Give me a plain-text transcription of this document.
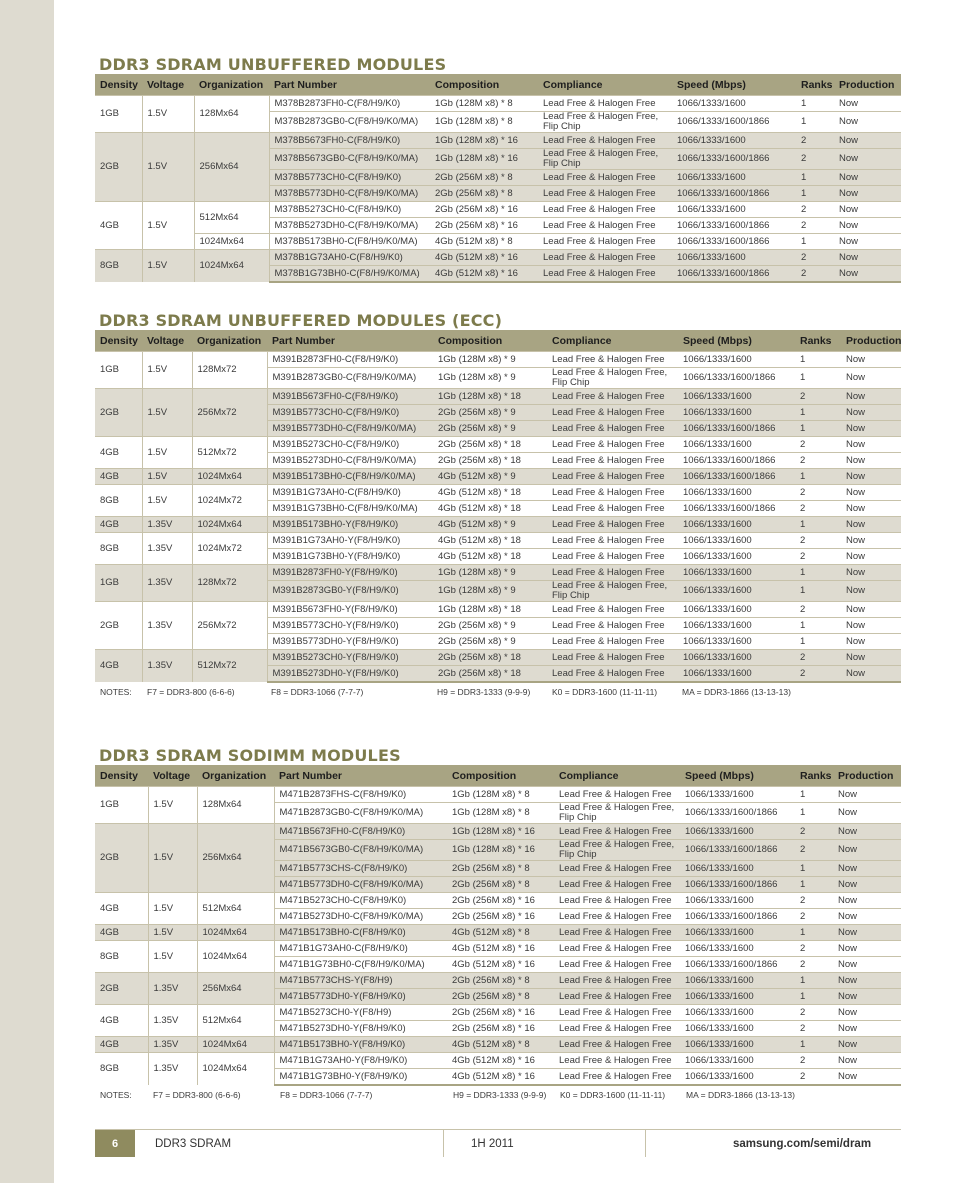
DDR3 SDRAM UNBUFFERED MODULES
Density	Voltage	Organization	Part Number	Composition	Compliance	Speed (Mbps)	Ranks	Production
1GB	1.5V	128Mx64	M378B2873FH0-C(F8/H9/K0)	1Gb (128M x8) * 8	Lead Free & Halogen Free	1066/1333/1600	1	Now
			M378B2873GB0-C(F8/H9/K0/MA)	1Gb (128M x8) * 8	Lead Free & Halogen Free, Flip Chip	1066/1333/1600/1866	1	Now
2GB	1.5V	256Mx64	M378B5673FH0-C(F8/H9/K0)	1Gb (128M x8) * 16	Lead Free & Halogen Free	1066/1333/1600	2	Now
			M378B5673GB0-C(F8/H9/K0/MA)	1Gb (128M x8) * 16	Lead Free & Halogen Free, Flip Chip	1066/1333/1600/1866	2	Now
			M378B5773CH0-C(F8/H9/K0)	2Gb (256M x8) * 8	Lead Free & Halogen Free	1066/1333/1600	1	Now
			M378B5773DH0-C(F8/H9/K0/MA)	2Gb (256M x8) * 8	Lead Free & Halogen Free	1066/1333/1600/1866	1	Now
4GB	1.5V	512Mx64	M378B5273CH0-C(F8/H9/K0)	2Gb (256M x8) * 16	Lead Free & Halogen Free	1066/1333/1600	2	Now
			M378B5273DH0-C(F8/H9/K0/MA)	2Gb (256M x8) * 16	Lead Free & Halogen Free	1066/1333/1600/1866	2	Now
		1024Mx64	M378B5173BH0-C(F8/H9/K0/MA)	4Gb (512M x8) * 8	Lead Free & Halogen Free	1066/1333/1600/1866	1	Now
8GB	1.5V	1024Mx64	M378B1G73AH0-C(F8/H9/K0)	4Gb (512M x8) * 16	Lead Free & Halogen Free	1066/1333/1600	2	Now
			M378B1G73BH0-C(F8/H9/K0/MA)	4Gb (512M x8) * 16	Lead Free & Halogen Free	1066/1333/1600/1866	2	Now
DDR3 SDRAM UNBUFFERED MODULES (ECC)
Density	Voltage	Organization	Part Number	Composition	Compliance	Speed (Mbps)	Ranks	Production
1GB	1.5V	128Mx72	M391B2873FH0-C(F8/H9/K0)	1Gb (128M x8) * 9	Lead Free & Halogen Free	1066/1333/1600	1	Now
			M391B2873GB0-C(F8/H9/K0/MA)	1Gb (128M x8) * 9	Lead Free & Halogen Free, Flip Chip	1066/1333/1600/1866	1	Now
2GB	1.5V	256Mx72	M391B5673FH0-C(F8/H9/K0)	1Gb (128M x8) * 18	Lead Free & Halogen Free	1066/1333/1600	2	Now
			M391B5773CH0-C(F8/H9/K0)	2Gb (256M x8) * 9	Lead Free & Halogen Free	1066/1333/1600	1	Now
			M391B5773DH0-C(F8/H9/K0/MA)	2Gb (256M x8) * 9	Lead Free & Halogen Free	1066/1333/1600/1866	1	Now
4GB	1.5V	512Mx72	M391B5273CH0-C(F8/H9/K0)	2Gb (256M x8) * 18	Lead Free & Halogen Free	1066/1333/1600	2	Now
			M391B5273DH0-C(F8/H9/K0/MA)	2Gb (256M x8) * 18	Lead Free & Halogen Free	1066/1333/1600/1866	2	Now
4GB	1.5V	1024Mx64	M391B5173BH0-C(F8/H9/K0/MA)	4Gb (512M x8) * 9	Lead Free & Halogen Free	1066/1333/1600/1866	1	Now
8GB	1.5V	1024Mx72	M391B1G73AH0-C(F8/H9/K0)	4Gb (512M x8) * 18	Lead Free & Halogen Free	1066/1333/1600	2	Now
			M391B1G73BH0-C(F8/H9/K0/MA)	4Gb (512M x8) * 18	Lead Free & Halogen Free	1066/1333/1600/1866	2	Now
4GB	1.35V	1024Mx64	M391B5173BH0-Y(F8/H9/K0)	4Gb (512M x8) * 9	Lead Free & Halogen Free	1066/1333/1600	1	Now
8GB	1.35V	1024Mx72	M391B1G73AH0-Y(F8/H9/K0)	4Gb (512M x8) * 18	Lead Free & Halogen Free	1066/1333/1600	2	Now
			M391B1G73BH0-Y(F8/H9/K0)	4Gb (512M x8) * 18	Lead Free & Halogen Free	1066/1333/1600	2	Now
1GB	1.35V	128Mx72	M391B2873FH0-Y(F8/H9/K0)	1Gb (128M x8) * 9	Lead Free & Halogen Free	1066/1333/1600	1	Now
			M391B2873GB0-Y(F8/H9/K0)	1Gb (128M x8) * 9	Lead Free & Halogen Free, Flip Chip	1066/1333/1600	1	Now
2GB	1.35V	256Mx72	M391B5673FH0-Y(F8/H9/K0)	1Gb (128M x8) * 18	Lead Free & Halogen Free	1066/1333/1600	2	Now
			M391B5773CH0-Y(F8/H9/K0)	2Gb (256M x8) * 9	Lead Free & Halogen Free	1066/1333/1600	1	Now
			M391B5773DH0-Y(F8/H9/K0)	2Gb (256M x8) * 9	Lead Free & Halogen Free	1066/1333/1600	1	Now
4GB	1.35V	512Mx72	M391B5273CH0-Y(F8/H9/K0)	2Gb (256M x8) * 18	Lead Free & Halogen Free	1066/1333/1600	2	Now
			M391B5273DH0-Y(F8/H9/K0)	2Gb (256M x8) * 18	Lead Free & Halogen Free	1066/1333/1600	2	Now
NOTES: F7 = DDR3-800 (6-6-6)	F8 = DDR3-1066 (7-7-7)	H9 = DDR3-1333 (9-9-9)	K0 = DDR3-1600 (11-11-11)	MA = DDR3-1866 (13-13-13)
DDR3 SDRAM SODIMM MODULES
Density	Voltage	Organization	Part Number	Composition	Compliance	Speed (Mbps)	Ranks	Production
1GB	1.5V	128Mx64	M471B2873FHS-C(F8/H9/K0)	1Gb (128M x8) * 8	Lead Free & Halogen Free	1066/1333/1600	1	Now
			M471B2873GB0-C(F8/H9/K0/MA)	1Gb (128M x8) * 8	Lead Free & Halogen Free, Flip Chip	1066/1333/1600/1866	1	Now
2GB	1.5V	256Mx64	M471B5673FH0-C(F8/H9/K0)	1Gb (128M x8) * 16	Lead Free & Halogen Free	1066/1333/1600	2	Now
			M471B5673GB0-C(F8/H9/K0/MA)	1Gb (128M x8) * 16	Lead Free & Halogen Free, Flip Chip	1066/1333/1600/1866	2	Now
			M471B5773CHS-C(F8/H9/K0)	2Gb (256M x8) * 8	Lead Free & Halogen Free	1066/1333/1600	1	Now
			M471B5773DH0-C(F8/H9/K0/MA)	2Gb (256M x8) * 8	Lead Free & Halogen Free	1066/1333/1600/1866	1	Now
4GB	1.5V	512Mx64	M471B5273CH0-C(F8/H9/K0)	2Gb (256M x8) * 16	Lead Free & Halogen Free	1066/1333/1600	2	Now
			M471B5273DH0-C(F8/H9/K0/MA)	2Gb (256M x8) * 16	Lead Free & Halogen Free	1066/1333/1600/1866	2	Now
4GB	1.5V	1024Mx64	M471B5173BH0-C(F8/H9/K0)	4Gb (512M x8) * 8	Lead Free & Halogen Free	1066/1333/1600	1	Now
8GB	1.5V	1024Mx64	M471B1G73AH0-C(F8/H9/K0)	4Gb (512M x8) * 16	Lead Free & Halogen Free	1066/1333/1600	2	Now
			M471B1G73BH0-C(F8/H9/K0/MA)	4Gb (512M x8) * 16	Lead Free & Halogen Free	1066/1333/1600/1866	2	Now
2GB	1.35V	256Mx64	M471B5773CHS-Y(F8/H9)	2Gb (256M x8) * 8	Lead Free & Halogen Free	1066/1333/1600	1	Now
			M471B5773DH0-Y(F8/H9/K0)	2Gb (256M x8) * 8	Lead Free & Halogen Free	1066/1333/1600	1	Now
4GB	1.35V	512Mx64	M471B5273CH0-Y(F8/H9)	2Gb (256M x8) * 16	Lead Free & Halogen Free	1066/1333/1600	2	Now
			M471B5273DH0-Y(F8/H9/K0)	2Gb (256M x8) * 16	Lead Free & Halogen Free	1066/1333/1600	2	Now
4GB	1.35V	1024Mx64	M471B5173BH0-Y(F8/H9/K0)	4Gb (512M x8) * 8	Lead Free & Halogen Free	1066/1333/1600	1	Now
8GB	1.35V	1024Mx64	M471B1G73AH0-Y(F8/H9/K0)	4Gb (512M x8) * 16	Lead Free & Halogen Free	1066/1333/1600	2	Now
			M471B1G73BH0-Y(F8/H9/K0)	4Gb (512M x8) * 16	Lead Free & Halogen Free	1066/1333/1600	2	Now
NOTES:	F7 = DDR3-800 (6-6-6)	F8 = DDR3-1066 (7-7-7)	H9 = DDR3-1333 (9-9-9) K0 = DDR3-1600 (11-11-11) MA = DDR3-1866 (13-13-13)
6	DDR3 SDRAM	1H 2011	samsung.com/semi/dram
